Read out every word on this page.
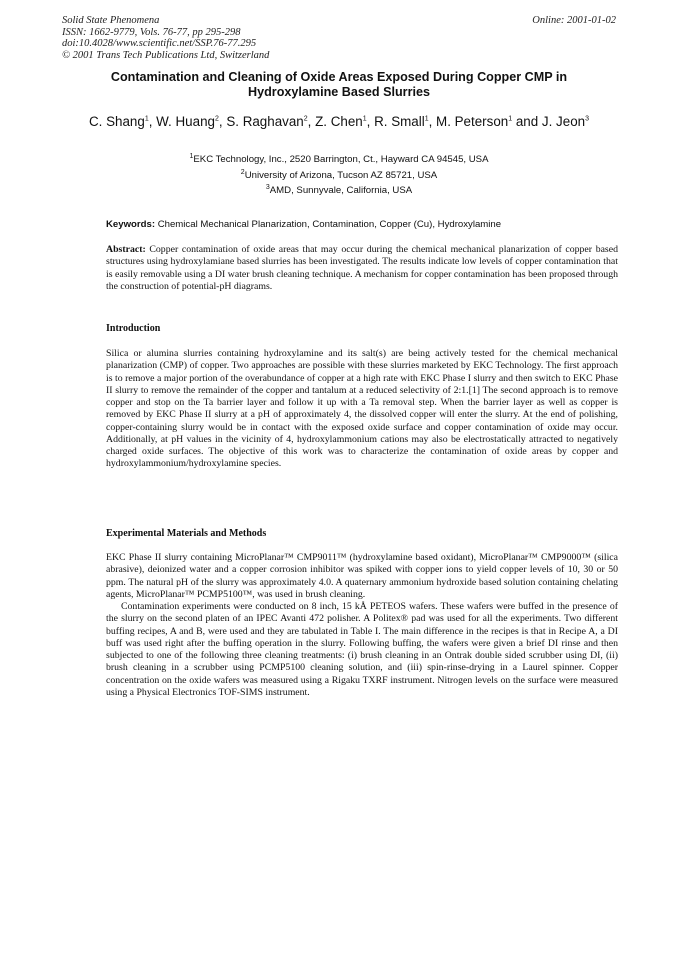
Solid State Phenomena
ISSN: 1662-9779, Vols. 76-77, pp 295-298
doi:10.4028/www.scientific.net/SSP.76-77.295
© 2001 Trans Tech Publications Ltd, Switzerland
Online: 2001-01-02
Contamination and Cleaning of Oxide Areas Exposed During Copper CMP in Hydroxylamine Based Slurries
C. Shang$^1$, W. Huang$^2$, S. Raghavan$^2$, Z. Chen$^1$, R. Small$^1$, M. Peterson$^1$ and J. Jeon$^3$
$^1$EKC Technology, Inc., 2520 Barrington, Ct., Hayward CA 94545, USA
$^2$University of Arizona, Tucson AZ 85721, USA
$^3$AMD, Sunnyvale, California, USA
Keywords: Chemical Mechanical Planarization, Contamination, Copper (Cu), Hydroxylamine
Abstract: Copper contamination of oxide areas that may occur during the chemical mechanical planarization of copper based structures using hydroxylamiane based slurries has been investigated. The results indicate low levels of copper contamination that is easily removable using a DI water brush cleaning technique. A mechanism for copper contamination has been proposed through the construction of potential-pH diagrams.
Introduction

Silica or alumina slurries containing hydroxylamine and its salt(s) are being actively tested for the chemical mechanical planarization (CMP) of copper. Two approaches are possible with these slurries marketed by EKC Technology. The first approach is to remove a major portion of the overabundance of copper at a high rate with EKC Phase I slurry and then switch to EKC Phase II slurry to remove the remainder of the copper and tantalum at a reduced selectivity of 2:1.[1] The second approach is to remove copper and stop on the Ta barrier layer and follow it up with a Ta removal step. When the barrier layer as well as copper is removed by EKC Phase II slurry at a pH of approximately 4, the dissolved copper will enter the slurry. At the end of polishing, copper-containing slurry would be in contact with the exposed oxide surface and copper contamination of oxide may occur. Additionally, at pH values in the vicinity of 4, hydroxylammonium cations may also be electrostatically attracted to negatively charged oxide surfaces. The objective of this work was to characterize the contamination of oxide areas by copper and hydroxylammonium/hydroxylamine species.

Experimental Materials and Methods

EKC Phase II slurry containing MicroPlanar™ CMP9011™ (hydroxylamine based oxidant), MicroPlanar™ CMP9000™ (silica abrasive), deionized water and a copper corrosion inhibitor was spiked with copper ions to yield copper levels of 10, 30 or 50 ppm. The natural pH of the slurry was approximately 4.0. A quaternary ammonium hydroxide based solution containing chelating agents, MicroPlanar™ PCMP5100™, was used in brush cleaning.

Contamination experiments were conducted on 8 inch, 15 kÅ PETEOS wafers. These wafers were buffed in the presence of the slurry on the second platen of an IPEC Avanti 472 polisher. A Politex® pad was used for all the experiments. Two different buffing recipes, A and B, were used and they are tabulated in Table I. The main difference in the recipes is that in Recipe A, a DI buff was used right after the buffing operation in the slurry. Following buffing, the wafers were given a brief DI rinse and then subjected to one of the following three cleaning treatments: (i) brush cleaning in an Ontrak double sided scrubber using DI, (ii) brush cleaning in a scrubber using PCMP5100 cleaning solution, and (iii) spin-rinse-drying in a Laurel spinner. Copper concentration on the oxide wafers was measured using a Rigaku TXRF instrument. Nitrogen levels on the surface were measured using a Physical Electronics TOF-SIMS instrument.
